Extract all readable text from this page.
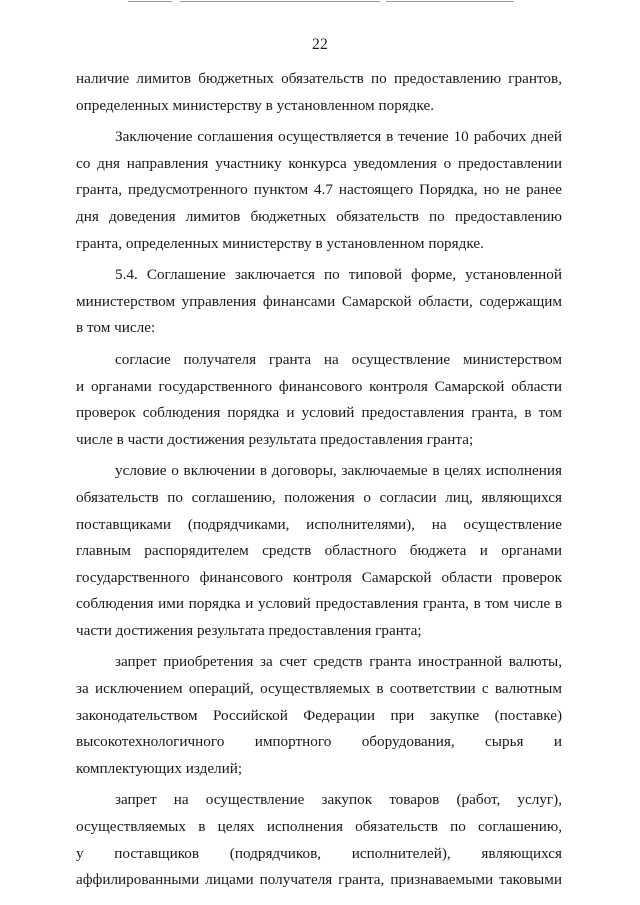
22
наличие лимитов бюджетных обязательств по предоставлению грантов,
определенных министерству в установленном порядке.
Заключение соглашения осуществляется в течение 10 рабочих дней
со дня направления участнику конкурса уведомления о предоставлении
гранта, предусмотренного пунктом 4.7 настоящего Порядка, но не ранее
дня доведения лимитов бюджетных обязательств по предоставлению
гранта, определенных министерству в установленном порядке.
5.4. Соглашение заключается по типовой форме, установленной
министерством управления финансами Самарской области, содержащим
в том числе:
согласие получателя гранта на осуществление министерством
и органами государственного финансового контроля Самарской области
проверок соблюдения порядка и условий предоставления гранта, в том
числе в части достижения результата предоставления гранта;
условие о включении в договоры, заключаемые в целях исполнения
обязательств по соглашению, положения о согласии лиц, являющихся
поставщиками (подрядчиками, исполнителями), на осуществление
главным распорядителем средств областного бюджета и органами
государственного финансового контроля Самарской области проверок
соблюдения ими порядка и условий предоставления гранта, в том числе в
части достижения результата предоставления гранта;
запрет приобретения за счет средств гранта иностранной валюты,
за исключением операций, осуществляемых в соответствии с валютным
законодательством Российской Федерации при закупке (поставке)
высокотехнологичного импортного оборудования, сырья и
комплектующих изделий;
запрет на осуществление закупок товаров (работ, услуг),
осуществляемых в целях исполнения обязательств по соглашению,
у поставщиков (подрядчиков, исполнителей), являющихся
аффилированными лицами получателя гранта, признаваемыми таковыми
